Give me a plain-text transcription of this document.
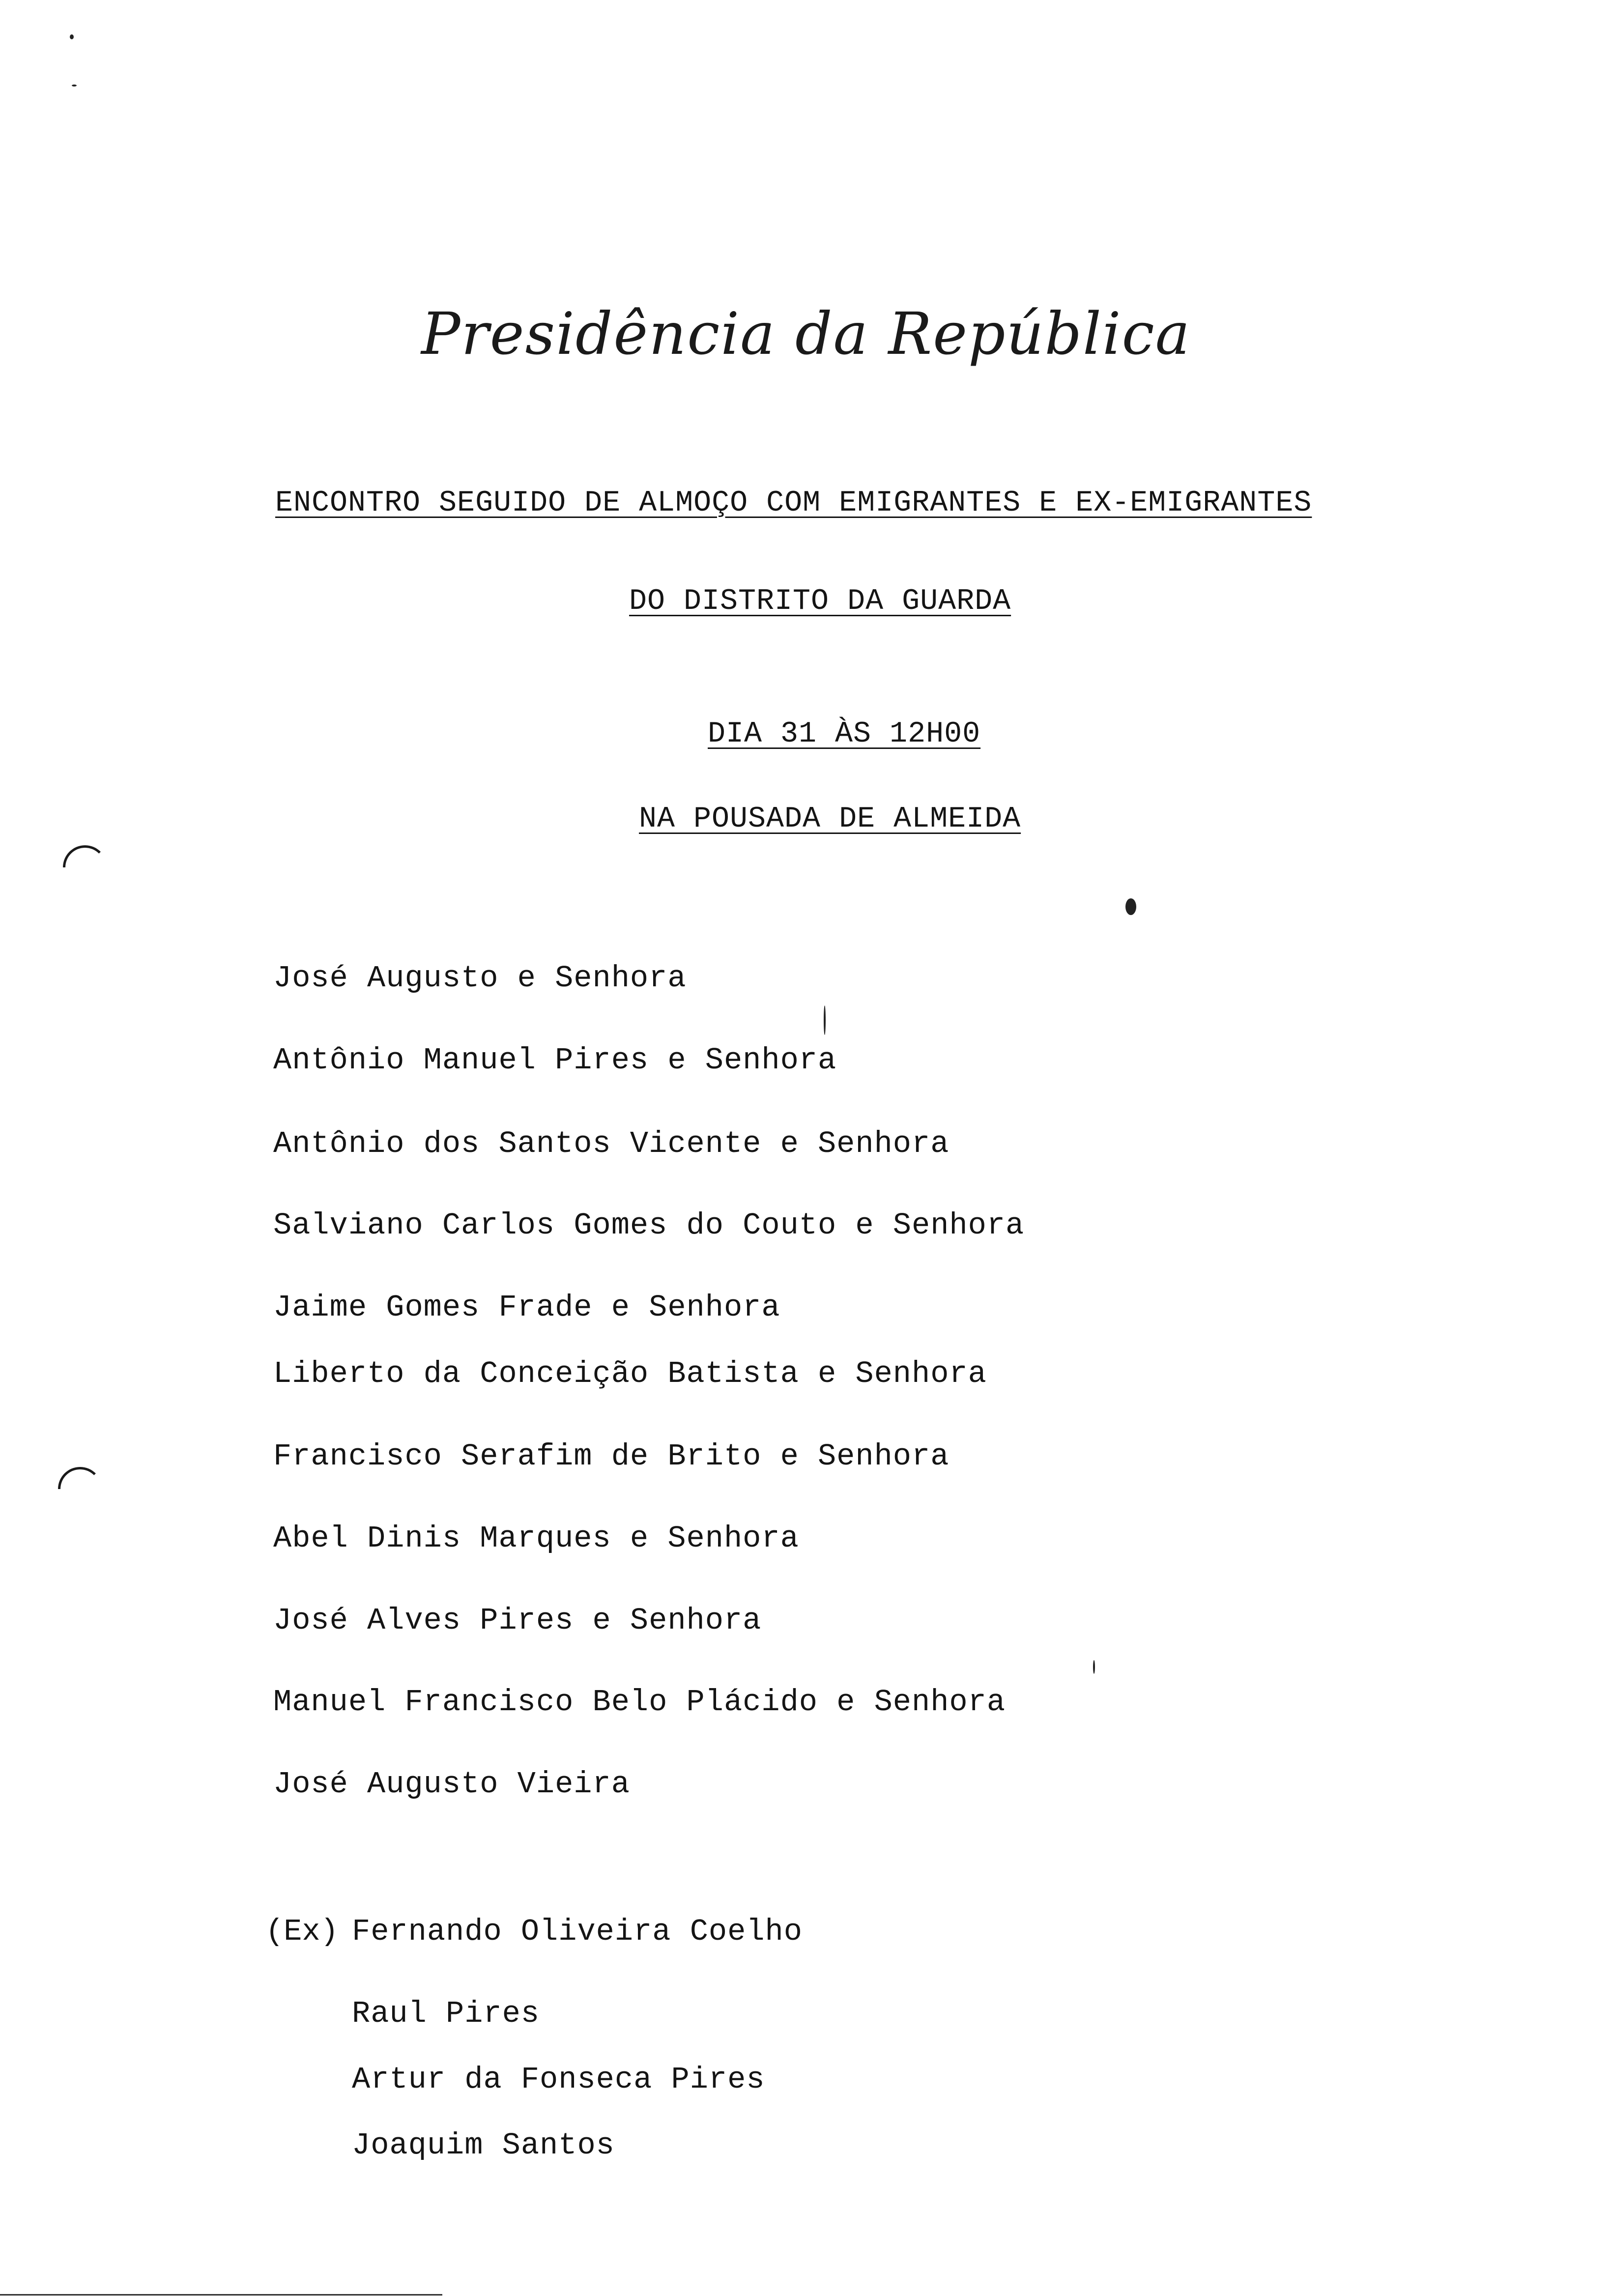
Presidência da República
ENCONTRO SEGUIDO DE ALMOÇO COM EMIGRANTES E EX-EMIGRANTES
DO DISTRITO DA GUARDA
DIA 31 ÀS 12H00
NA POUSADA DE ALMEIDA
José Augusto e Senhora
Antônio Manuel Pires e Senhora
Antônio dos Santos Vicente e Senhora
Salviano Carlos Gomes do Couto e Senhora
Jaime Gomes Frade e Senhora
Liberto da Conceição Batista e Senhora
Francisco Serafim de Brito e Senhora
Abel Dinis Marques e Senhora
José Alves Pires e Senhora
Manuel Francisco Belo Plácido e Senhora
José Augusto Vieira
(Ex) Fernando Oliveira Coelho
Raul Pires
Artur da Fonseca Pires
Joaquim Santos
